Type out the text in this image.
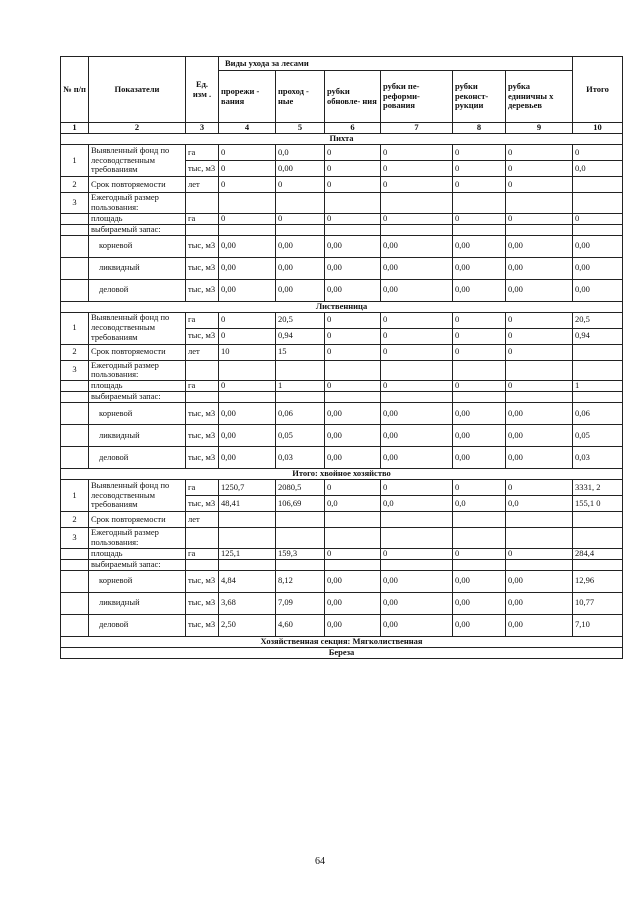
№ п/п	Показатели	Ед. изм .	Виды ухода за лесами						Итого
			прорежи - вания	проход - ные	рубки обновле- ния	рубки пе- реформи- рования	рубки реконст- рукции	рубка единичны х деревьев	
1	2	3	4	5	6	7	8	9	10
Пихта									
1	Выявленный фонд по лесоводственным требованиям	га	0	0,0	0	0	0	0	0
		тыс, м3	0	0,00	0	0	0	0	0,0
2	Срок повторяемости	лет	0	0	0	0	0	0	
3	Ежегодный размер пользования:								
	площадь	га	0	0	0	0	0	0	0
	выбираемый запас:								
	корневой	тыс, м3	0,00	0,00	0,00	0,00	0,00	0,00	0,00
	ликвидный	тыс, м3	0,00	0,00	0,00	0,00	0,00	0,00	0,00
	деловой	тыс, м3	0,00	0,00	0,00	0,00	0,00	0,00	0,00
Лиственница									
1	Выявленный фонд по лесоводственным требованиям	га	0	20,5	0	0	0	0	20,5
		тыс, м3	0	0,94	0	0	0	0	0,94
2	Срок повторяемости	лет	10	15	0	0	0	0	
3	Ежегодный размер пользования:								
	площадь	га	0	1	0	0	0	0	1
	выбираемый запас:								
	корневой	тыс, м3	0,00	0,06	0,00	0,00	0,00	0,00	0,06
	ликвидный	тыс, м3	0,00	0,05	0,00	0,00	0,00	0,00	0,05
	деловой	тыс, м3	0,00	0,03	0,00	0,00	0,00	0,00	0,03
Итого: хвойное хозяйство									
1	Выявленный фонд по лесоводственным требованиям	га	1250,7	2080,5	0	0	0	0	3331, 2
		тыс, м3	48,41	106,69	0,0	0,0	0,0	0,0	155,1 0
2	Срок повторяемости	лет							
3	Ежегодный размер пользования:								
	площадь	га	125,1	159,3	0	0	0	0	284,4
	выбираемый запас:								
	корневой	тыс, м3	4,84	8,12	0,00	0,00	0,00	0,00	12,96
	ликвидный	тыс, м3	3,68	7,09	0,00	0,00	0,00	0,00	10,77
	деловой	тыс, м3	2,50	4,60	0,00	0,00	0,00	0,00	7,10
Хозяйственная секция: Мягколиственная									
Береза									
64
